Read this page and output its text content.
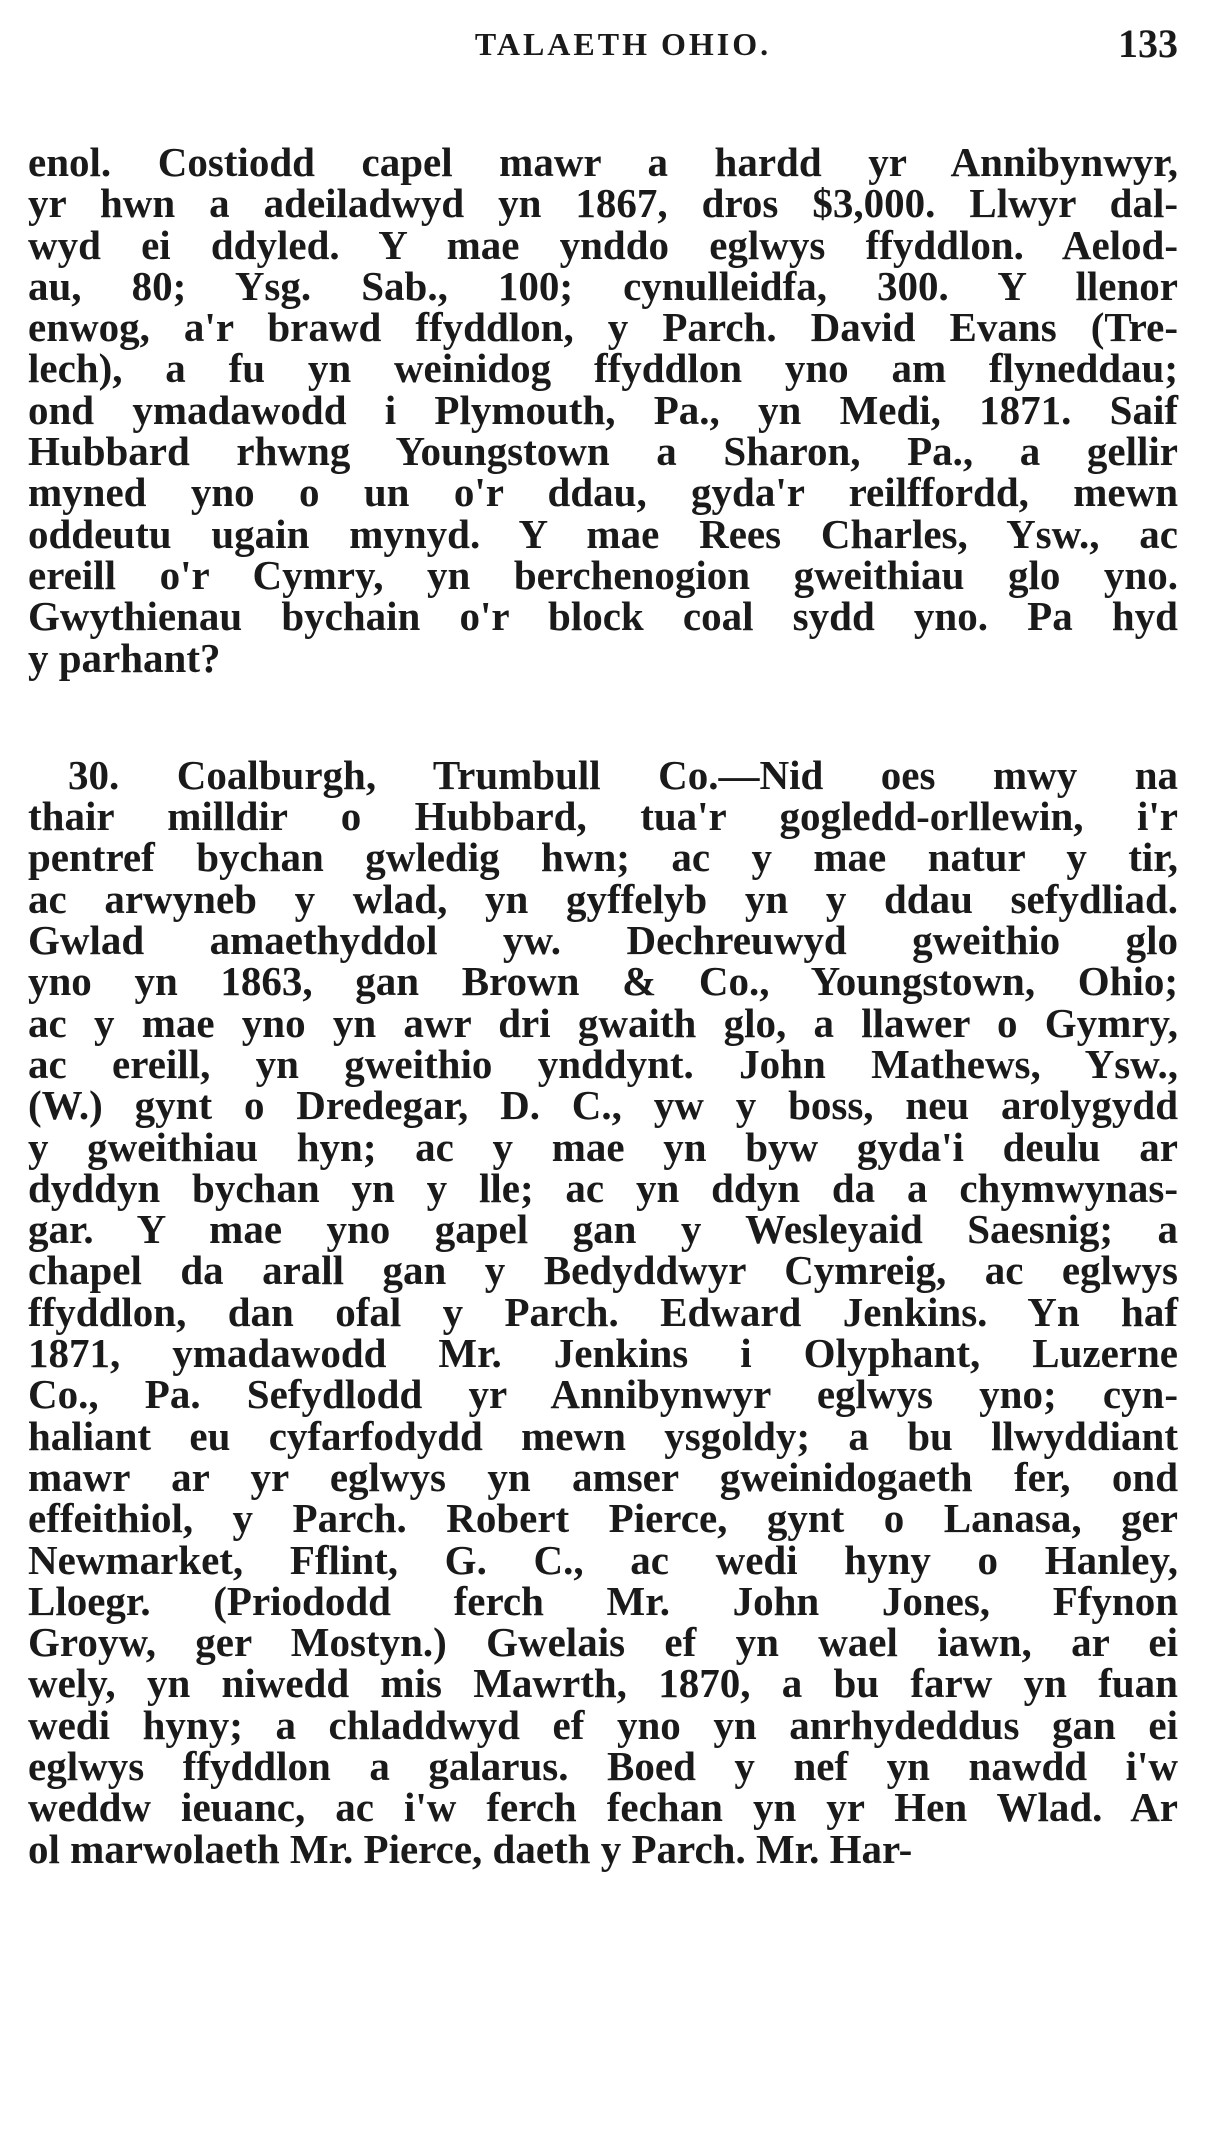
TALAETH OHIO.	133
enol. Costiodd capel mawr a hardd yr Annibynwyr,
yr hwn a adeiladwyd yn 1867, dros $3,000. Llwyr dal-
wyd ei ddyled. Y mae ynddo eglwys ffyddlon. Aelod-
au, 80; Ysg. Sab., 100; cynulleidfa, 300. Y llenor
enwog, a'r brawd ffyddlon, y Parch. David Evans (Tre-
lech), a fu yn weinidog ffyddlon yno am flyneddau;
ond ymadawodd i Plymouth, Pa., yn Medi, 1871. Saif
Hubbard rhwng Youngstown a Sharon, Pa., a gellir
myned yno o un o'r ddau, gyda'r reilffordd, mewn
oddeutu ugain mynyd. Y mae Rees Charles, Ysw., ac
ereill o'r Cymry, yn berchenogion gweithiau glo yno.
Gwythienau bychain o'r block coal sydd yno. Pa hyd
y parhant?
30. Coalburgh, Trumbull Co.—Nid oes mwy na
thair milldir o Hubbard, tua'r gogledd-orllewin, i'r
pentref bychan gwledig hwn; ac y mae natur y tir,
ac arwyneb y wlad, yn gyffelyb yn y ddau sefydliad.
Gwlad amaethyddol yw. Dechreuwyd gweithio glo
yno yn 1863, gan Brown & Co., Youngstown, Ohio;
ac y mae yno yn awr dri gwaith glo, a llawer o Gymry,
ac ereill, yn gweithio ynddynt. John Mathews, Ysw.,
(W.) gynt o Dredegar, D. C., yw y boss, neu arolygydd
y gweithiau hyn; ac y mae yn byw gyda'i deulu ar
dyddyn bychan yn y lle; ac yn ddyn da a chymwynas-
gar. Y mae yno gapel gan y Wesleyaid Saesnig; a
chapel da arall gan y Bedyddwyr Cymreig, ac eglwys
ffyddlon, dan ofal y Parch. Edward Jenkins. Yn haf
1871, ymadawodd Mr. Jenkins i Olyphant, Luzerne
Co., Pa. Sefydlodd yr Annibynwyr eglwys yno; cyn-
haliant eu cyfarfodydd mewn ysgoldy; a bu llwyddiant
mawr ar yr eglwys yn amser gweinidogaeth fer, ond
effeithiol, y Parch. Robert Pierce, gynt o Lanasa, ger
Newmarket, Fflint, G. C., ac wedi hyny o Hanley,
Lloegr. (Priododd ferch Mr. John Jones, Ffynon
Groyw, ger Mostyn.) Gwelais ef yn wael iawn, ar ei
wely, yn niwedd mis Mawrth, 1870, a bu farw yn fuan
wedi hyny; a chladdwyd ef yno yn anrhydeddus gan ei
eglwys ffyddlon a galarus. Boed y nef yn nawdd i'w
weddw ieuanc, ac i'w ferch fechan yn yr Hen Wlad. Ar
ol marwolaeth Mr. Pierce, daeth y Parch. Mr. Har-
